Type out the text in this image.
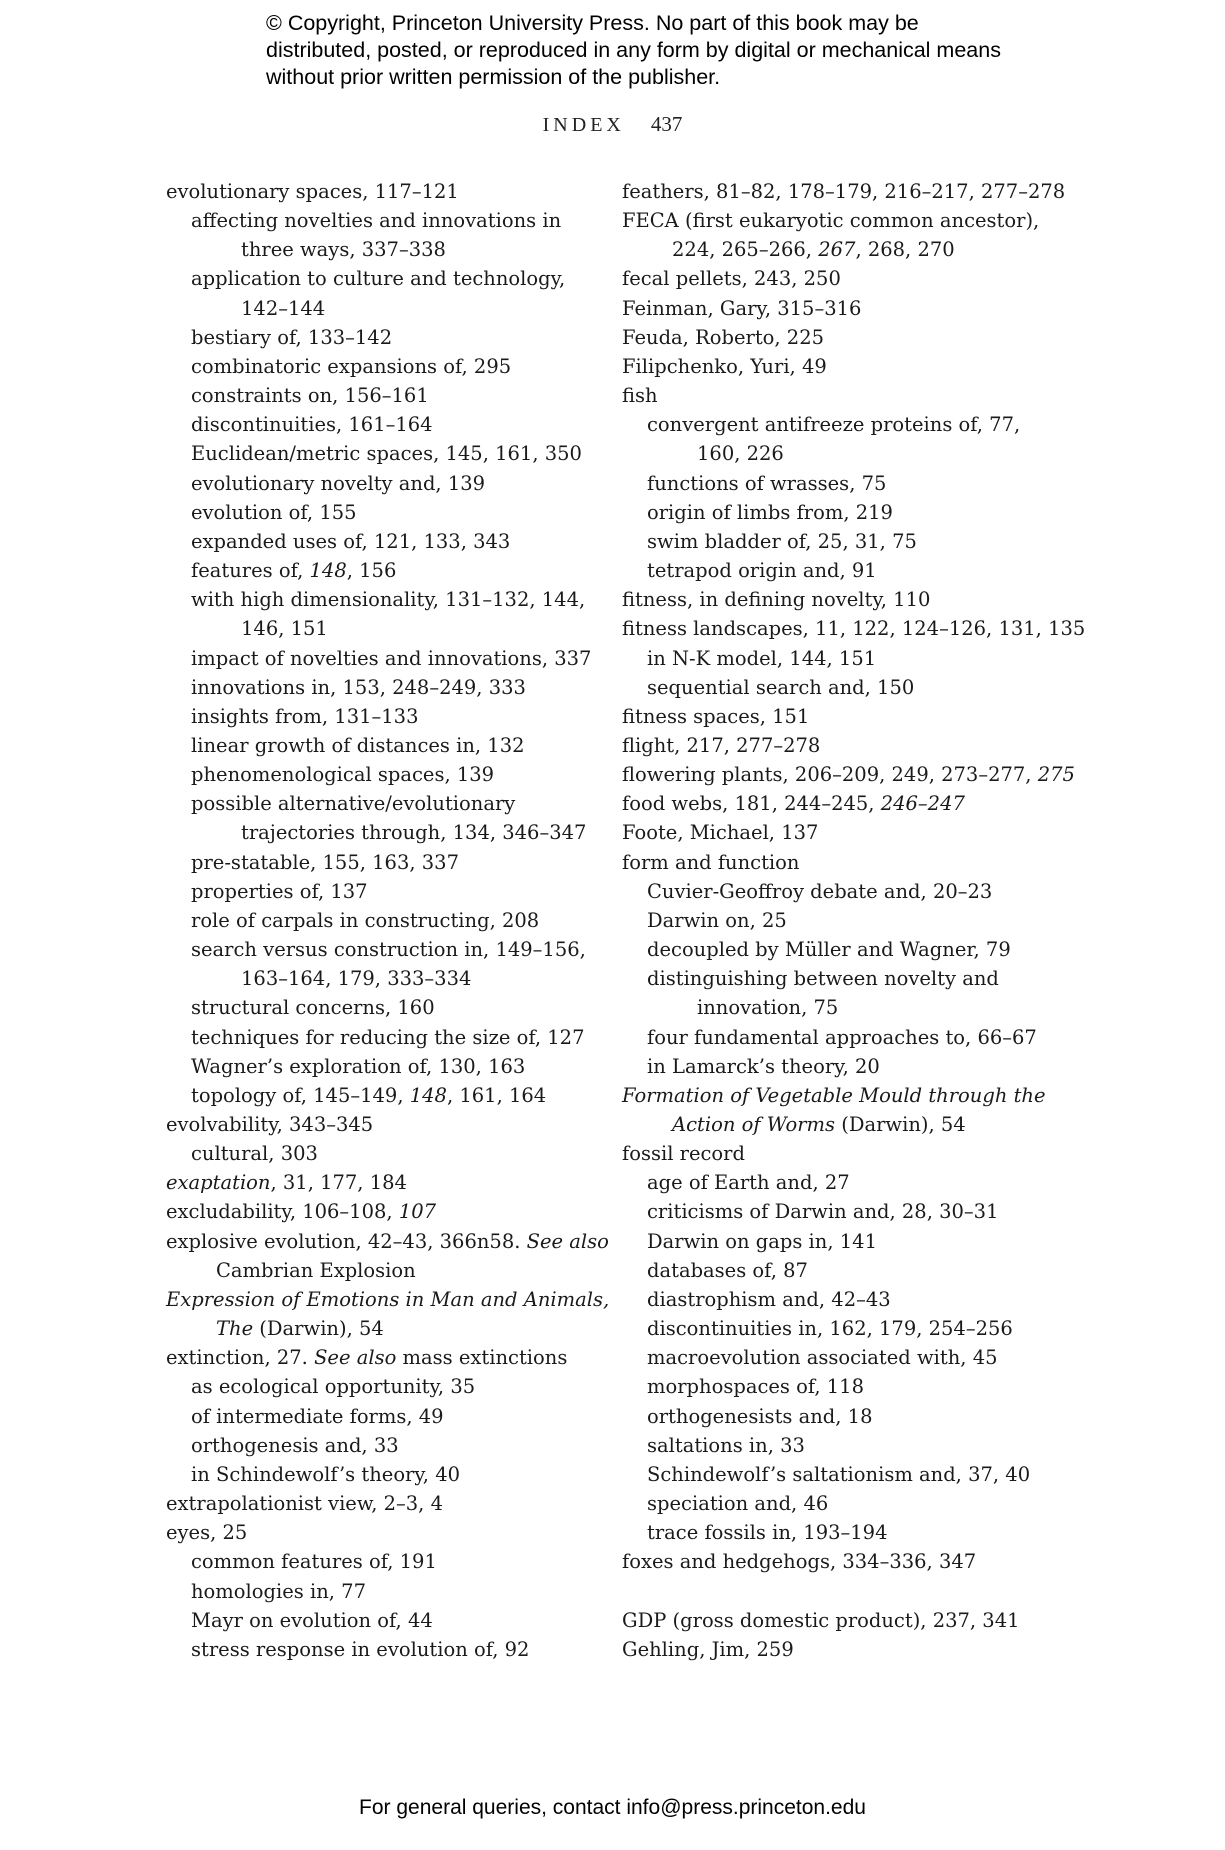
© Copyright, Princeton University Press. No part of this book may be distributed, posted, or reproduced in any form by digital or mechanical means without prior written permission of the publisher.
INDEX 437
evolutionary spaces, 117–121
affecting novelties and innovations in
three ways, 337–338
application to culture and technology,
142–144
bestiary of, 133–142
combinatoric expansions of, 295
constraints on, 156–161
discontinuities, 161–164
Euclidean/metric spaces, 145, 161, 350
evolutionary novelty and, 139
evolution of, 155
expanded uses of, 121, 133, 343
features of, 148, 156
with high dimensionality, 131–132, 144,
146, 151
impact of novelties and innovations, 337
innovations in, 153, 248–249, 333
insights from, 131–133
linear growth of distances in, 132
phenomenological spaces, 139
possible alternative/evolutionary
trajectories through, 134, 346–347
pre-statable, 155, 163, 337
properties of, 137
role of carpals in constructing, 208
search versus construction in, 149–156,
163–164, 179, 333–334
structural concerns, 160
techniques for reducing the size of, 127
Wagner’s exploration of, 130, 163
topology of, 145–149, 148, 161, 164
evolvability, 343–345
cultural, 303
exaptation, 31, 177, 184
excludability, 106–108, 107
explosive evolution, 42–43, 366n58. See also
Cambrian Explosion
Expression of Emotions in Man and Animals,
The (Darwin), 54
extinction, 27. See also mass extinctions
as ecological opportunity, 35
of intermediate forms, 49
orthogenesis and, 33
in Schindewolf’s theory, 40
extrapolationist view, 2–3, 4
eyes, 25
common features of, 191
homologies in, 77
Mayr on evolution of, 44
stress response in evolution of, 92
feathers, 81–82, 178–179, 216–217, 277–278
FECA (first eukaryotic common ancestor),
224, 265–266, 267, 268, 270
fecal pellets, 243, 250
Feinman, Gary, 315–316
Feuda, Roberto, 225
Filipchenko, Yuri, 49
fish
convergent antifreeze proteins of, 77,
160, 226
functions of wrasses, 75
origin of limbs from, 219
swim bladder of, 25, 31, 75
tetrapod origin and, 91
fitness, in defining novelty, 110
fitness landscapes, 11, 122, 124–126, 131, 135
in N-K model, 144, 151
sequential search and, 150
fitness spaces, 151
flight, 217, 277–278
flowering plants, 206–209, 249, 273–277, 275
food webs, 181, 244–245, 246–247
Foote, Michael, 137
form and function
Cuvier-Geoffroy debate and, 20–23
Darwin on, 25
decoupled by Müller and Wagner, 79
distinguishing between novelty and
innovation, 75
four fundamental approaches to, 66–67
in Lamarck’s theory, 20
Formation of Vegetable Mould through the
Action of Worms (Darwin), 54
fossil record
age of Earth and, 27
criticisms of Darwin and, 28, 30–31
Darwin on gaps in, 141
databases of, 87
diastrophism and, 42–43
discontinuities in, 162, 179, 254–256
macroevolution associated with, 45
morphospaces of, 118
orthogenesists and, 18
saltations in, 33
Schindewolf’s saltationism and, 37, 40
speciation and, 46
trace fossils in, 193–194
foxes and hedgehogs, 334–336, 347
GDP (gross domestic product), 237, 341
Gehling, Jim, 259
For general queries, contact info@press.princeton.edu
